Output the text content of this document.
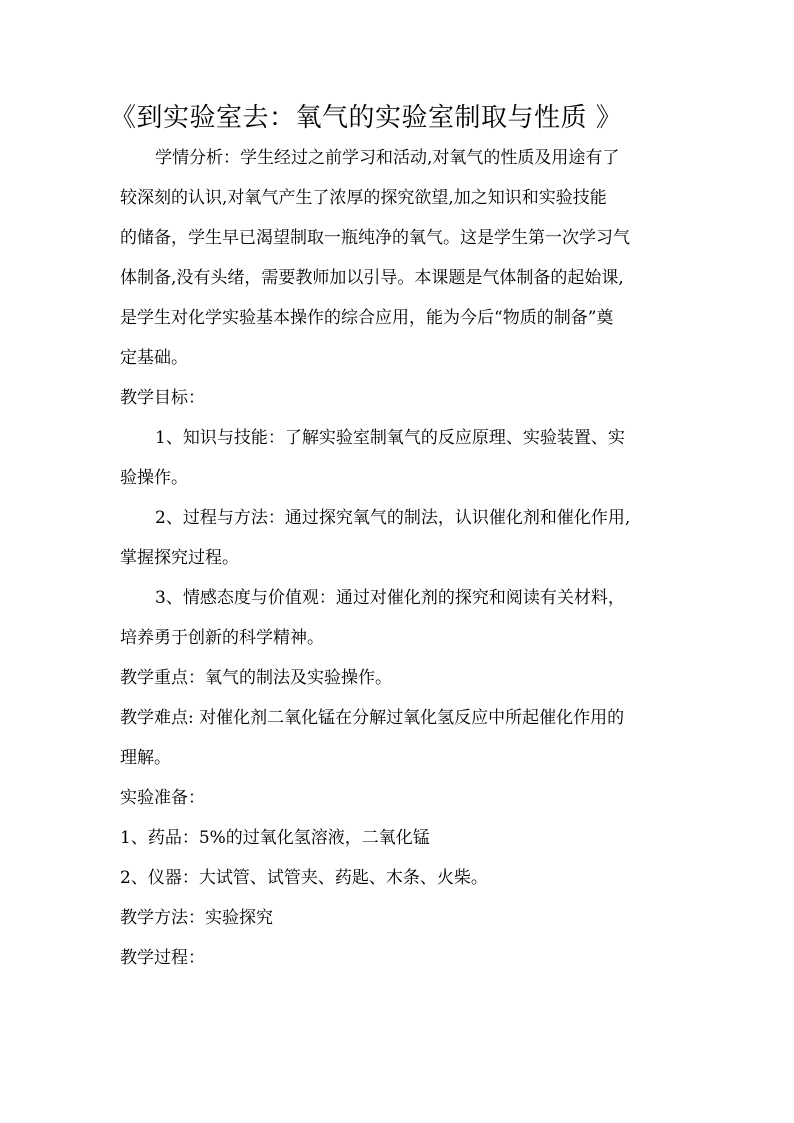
《到实验室去：氧气的实验室制取与性质 》
学情分析：学生经过之前学习和活动,对氧气的性质及用途有了
较深刻的认识,对氧气产生了浓厚的探究欲望,加之知识和实验技能
的储备，学生早已渴望制取一瓶纯净的氧气。这是学生第一次学习气
体制备,没有头绪，需要教师加以引导。本课题是气体制备的起始课,
是学生对化学实验基本操作的综合应用，能为今后“物质的制备”奠
定基础。
教学目标：
1、知识与技能：了解实验室制氧气的反应原理、实验装置、实
验操作。
2、过程与方法：通过探究氧气的制法，认识催化剂和催化作用,
掌握探究过程。
3、情感态度与价值观：通过对催化剂的探究和阅读有关材料，
培养勇于创新的科学精神。
教学重点：氧气的制法及实验操作。
教学难点: 对催化剂二氧化锰在分解过氧化氢反应中所起催化作用的
理解。
实验准备：
1、药品：5%的过氧化氢溶液，二氧化锰
2、仪器：大试管、试管夹、药匙、木条、火柴。
教学方法：实验探究
教学过程：
